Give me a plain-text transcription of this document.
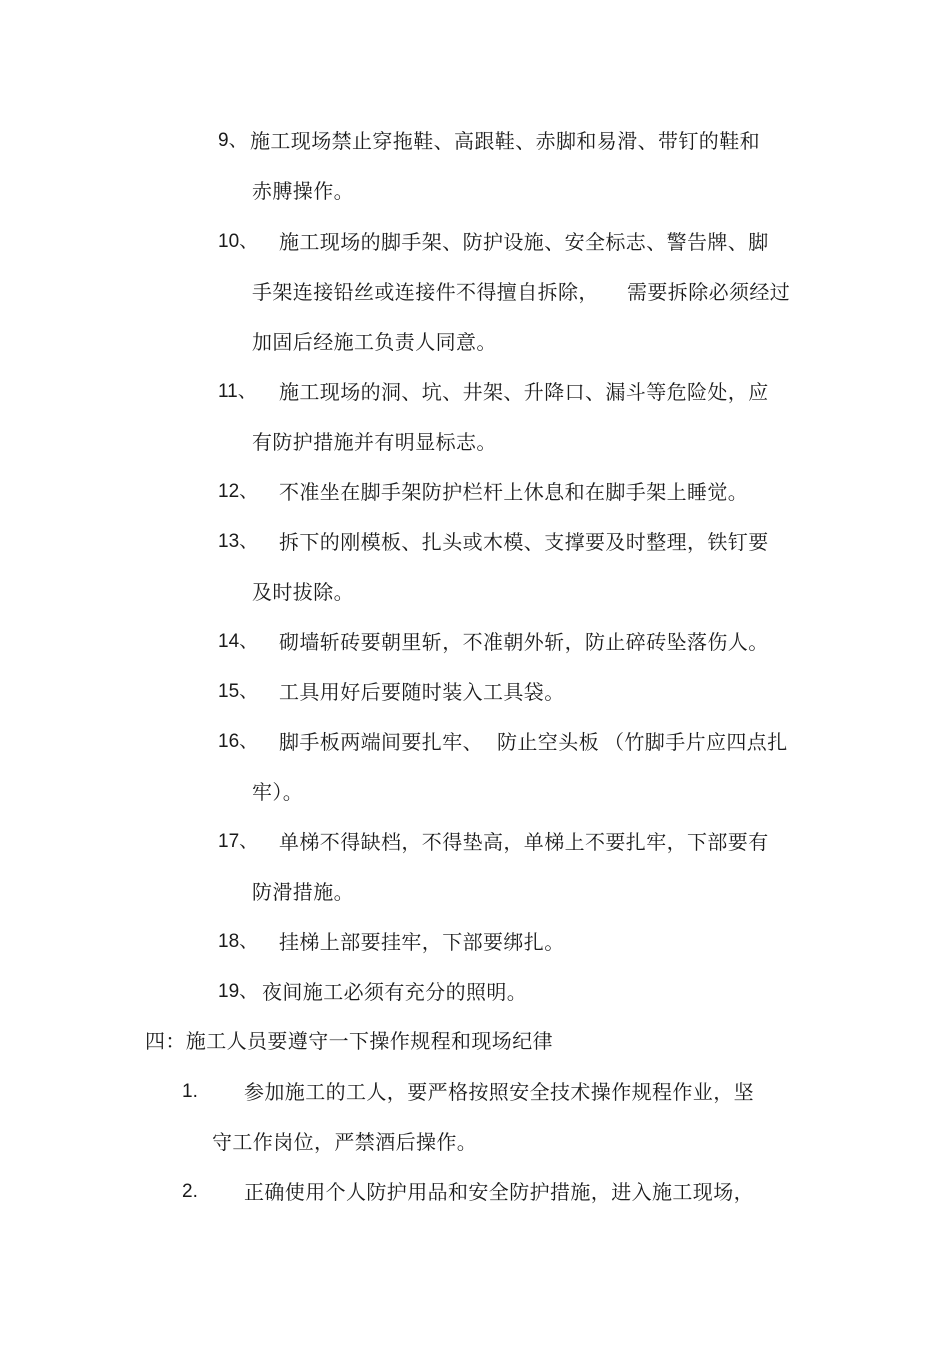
9、 施工现场禁止穿拖鞋、高跟鞋、赤脚和易滑、带钉的鞋和
赤膊操作。
10、 施工现场的脚手架、防护设施、安全标志、警告牌、脚
手架连接铅丝或连接件不得擅自拆除， 需要拆除必须经过
加固后经施工负责人同意。
11、 施工现场的洞、坑、井架、升降口、漏斗等危险处，应
有防护措施并有明显标志。
12、 不准坐在脚手架防护栏杆上休息和在脚手架上睡觉。
13、 拆下的刚模板、扎头或木模、支撑要及时整理，铁钉要
及时拔除。
14、 砌墙斩砖要朝里斩，不准朝外斩，防止碎砖坠落伤人。
15、 工具用好后要随时装入工具袋。
16、 脚手板两端间要扎牢、 防止空头板 （竹脚手片应四点扎
牢）。
17、 单梯不得缺档，不得垫高，单梯上不要扎牢，下部要有
防滑措施。
18、 挂梯上部要挂牢，下部要绑扎。
19、 夜间施工必须有充分的照明。
四：施工人员要遵守一下操作规程和现场纪律
1. 参加施工的工人，要严格按照安全技术操作规程作业，坚
守工作岗位，严禁酒后操作。
2. 正确使用个人防护用品和安全防护措施，进入施工现场，
